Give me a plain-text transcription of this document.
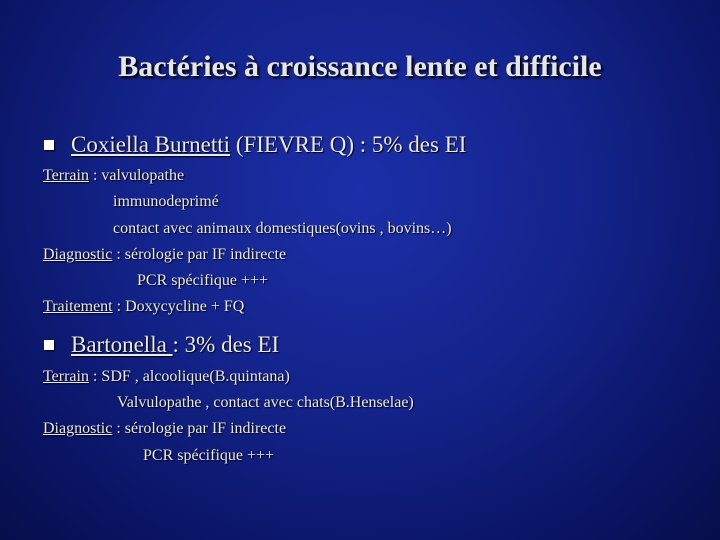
Bactéries à croissance lente et difficile
Coxiella Burnetti (FIEVRE Q) : 5% des EI
Terrain : valvulopathe
immunodeprimé
contact avec animaux domestiques(ovins , bovins…)
Diagnostic : sérologie par IF indirecte
PCR spécifique +++
Traitement : Doxycycline + FQ
Bartonella : 3% des EI
Terrain : SDF , alcoolique(B.quintana)
Valvulopathe , contact avec chats(B.Henselae)
Diagnostic : sérologie par IF indirecte
PCR spécifique +++
